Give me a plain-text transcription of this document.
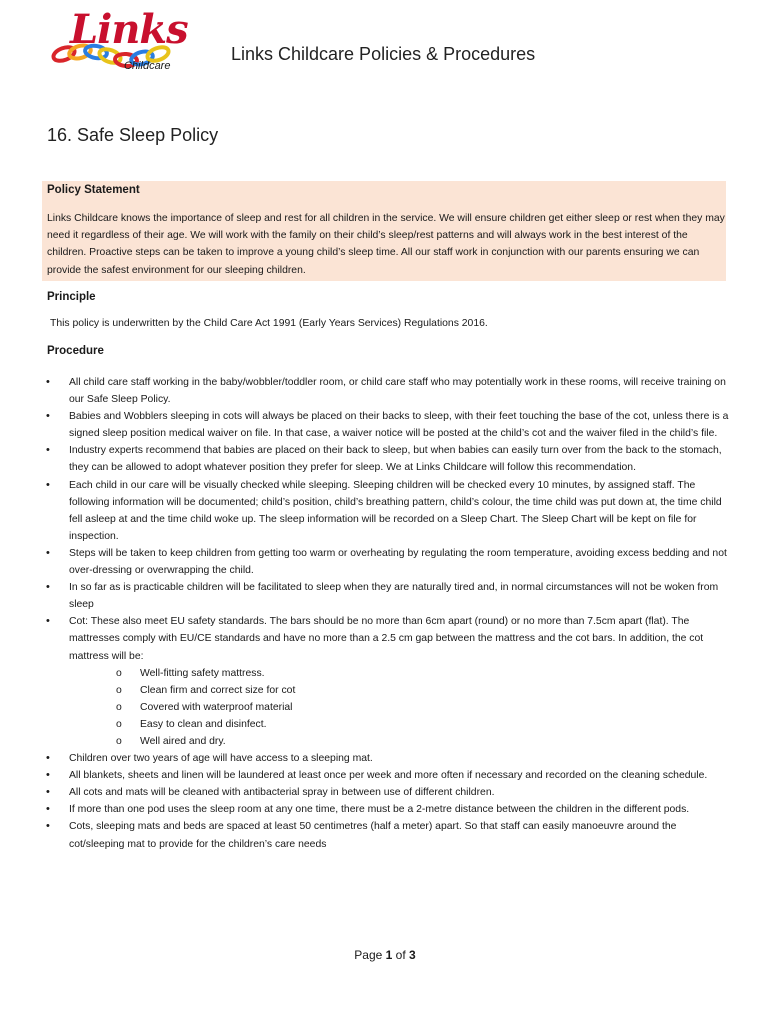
Links
Childcare
Links Childcare Policies & Procedures
16. Safe Sleep Policy
Policy Statement
Links Childcare knows the importance of sleep and rest for all children in the service. We will ensure children get either sleep or rest when they may need it regardless of their age. We will work with the family on their child’s sleep/rest patterns and will always work in the best interest of the children. Proactive steps can be taken to improve a young child’s sleep time. All our staff work in conjunction with our parents ensuring we can provide the safest environment for our sleeping children.
Principle
This policy is underwritten by the Child Care Act 1991 (Early Years Services) Regulations 2016.
Procedure
• All child care staff working in the baby/wobbler/toddler room, or child care staff who may potentially work in these rooms, will receive training on our Safe Sleep Policy.
• Babies and Wobblers sleeping in cots will always be placed on their backs to sleep, with their feet touching the base of the cot, unless there is a signed sleep position medical waiver on file. In that case, a waiver notice will be posted at the child’s cot and the waiver filed in the child’s file.
• Industry experts recommend that babies are placed on their back to sleep, but when babies can easily turn over from the back to the stomach, they can be allowed to adopt whatever position they prefer for sleep. We at Links Childcare will follow this recommendation.
• Each child in our care will be visually checked while sleeping. Sleeping children will be checked every 10 minutes, by assigned staff. The following information will be documented; child’s position, child’s breathing pattern, child’s colour, the time child was put down at, the time child fell asleep at and the time child woke up. The sleep information will be recorded on a Sleep Chart. The Sleep Chart will be kept on file for inspection.
• Steps will be taken to keep children from getting too warm or overheating by regulating the room temperature, avoiding excess bedding and not over-dressing or overwrapping the child.
• In so far as is practicable children will be facilitated to sleep when they are naturally tired and, in normal circumstances will not be woken from sleep
• Cot: These also meet EU safety standards. The bars should be no more than 6cm apart (round) or no more than 7.5cm apart (flat). The mattresses comply with EU/CE standards and have no more than a 2.5 cm gap between the mattress and the cot bars. In addition, the cot mattress will be:
o Well-fitting safety mattress.
o Clean firm and correct size for cot
o Covered with waterproof material
o Easy to clean and disinfect.
o Well aired and dry.
• Children over two years of age will have access to a sleeping mat.
• All blankets, sheets and linen will be laundered at least once per week and more often if necessary and recorded on the cleaning schedule.
• All cots and mats will be cleaned with antibacterial spray in between use of different children.
• If more than one pod uses the sleep room at any one time, there must be a 2-metre distance between the children in the different pods.
• Cots, sleeping mats and beds are spaced at least 50 centimetres (half a meter) apart. So that staff can easily manoeuvre around the cot/sleeping mat to provide for the children’s care needs
Page 1 of 3
